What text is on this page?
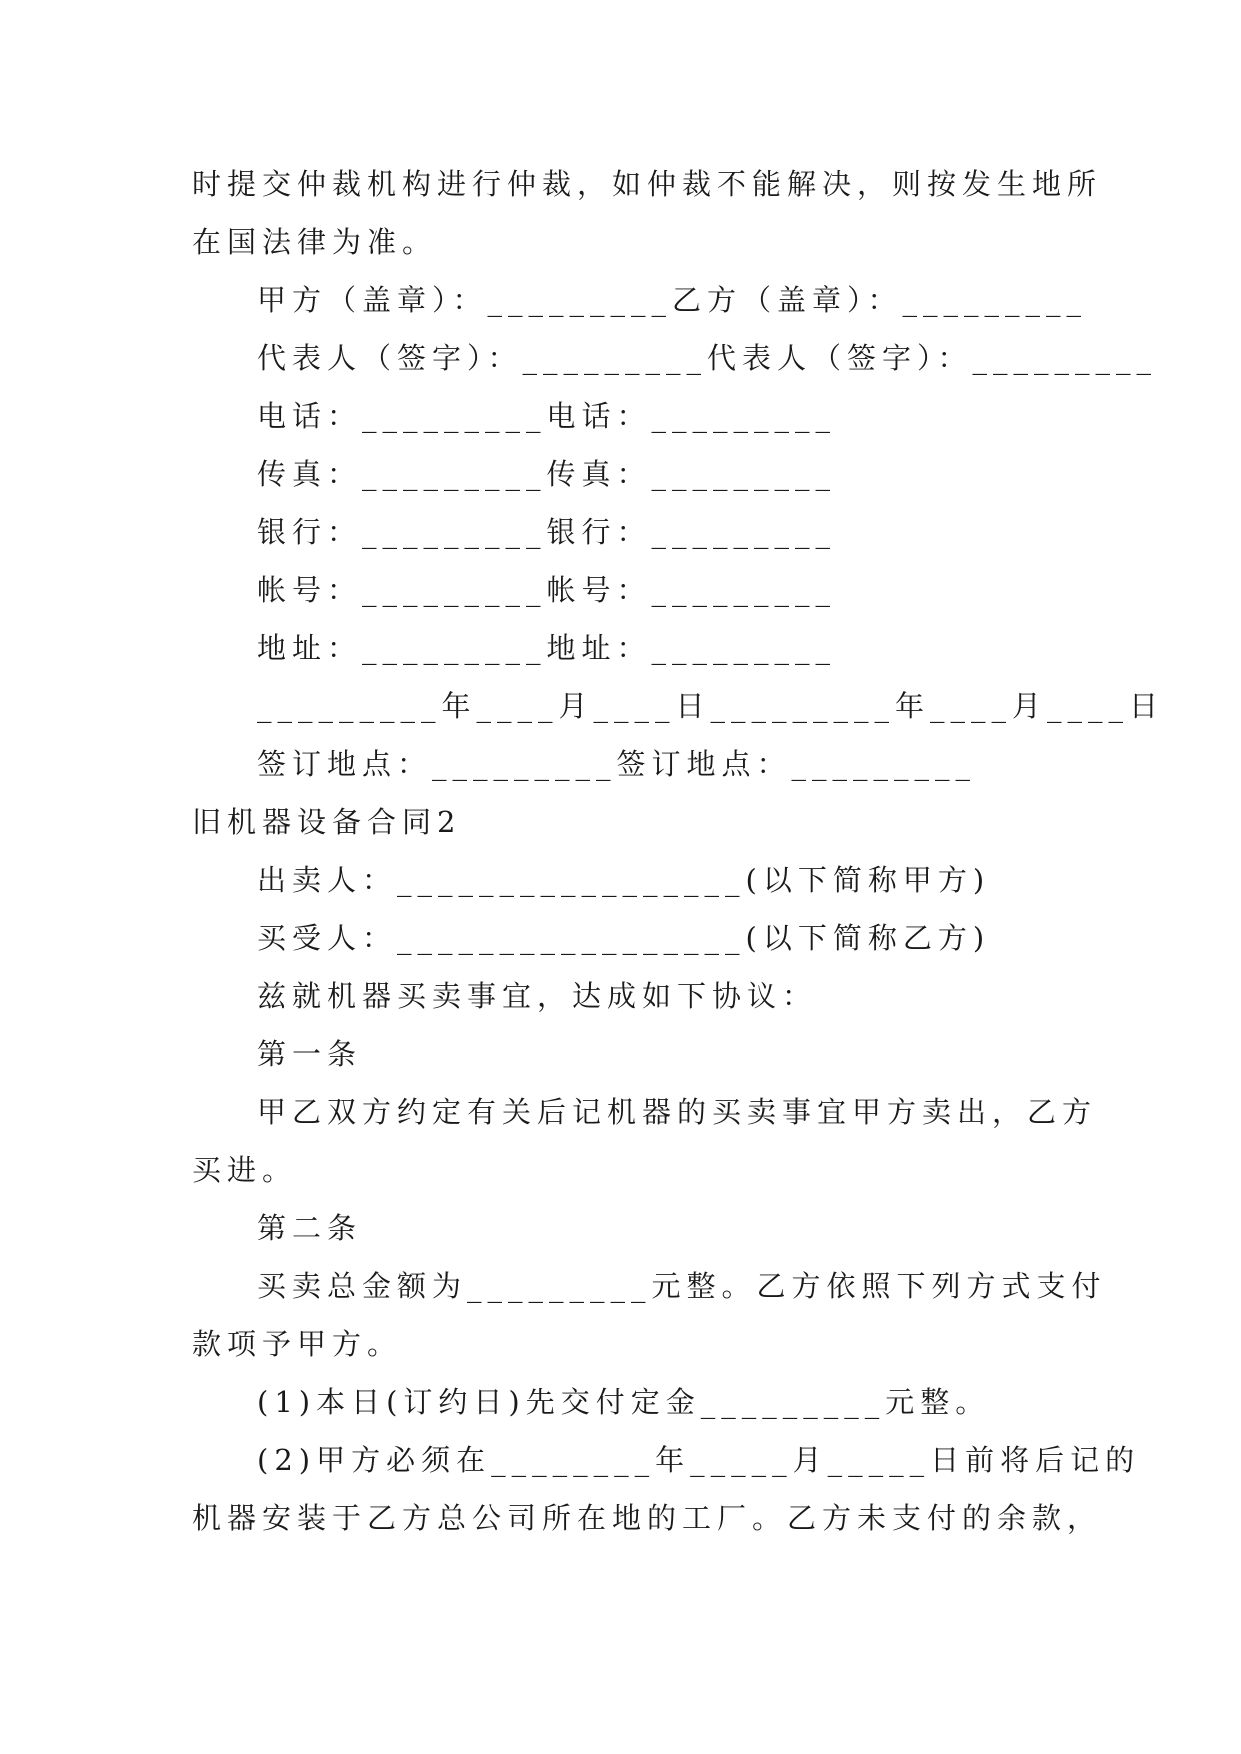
时提交仲裁机构进行仲裁，如仲裁不能解决，则按发生地所
在国法律为准。
甲方（盖章）：_________乙方（盖章）：_________
代表人（签字）：_________代表人（签字）：_________
电话：_________电话：_________
传真：_________传真：_________
银行：_________银行：_________
帐号：_________帐号：_________
地址：_________地址：_________
_________年____月____日_________年____月____日
签订地点：_________签订地点：_________
旧机器设备合同2
出卖人：_________________(以下简称甲方)
买受人：_________________(以下简称乙方)
兹就机器买卖事宜，达成如下协议：
第一条
甲乙双方约定有关后记机器的买卖事宜甲方卖出，乙方
买进。
第二条
买卖总金额为_________元整。乙方依照下列方式支付
款项予甲方。
(1)本日(订约日)先交付定金_________元整。
(2)甲方必须在________年_____月_____日前将后记的
机器安装于乙方总公司所在地的工厂。乙方未支付的余款，
